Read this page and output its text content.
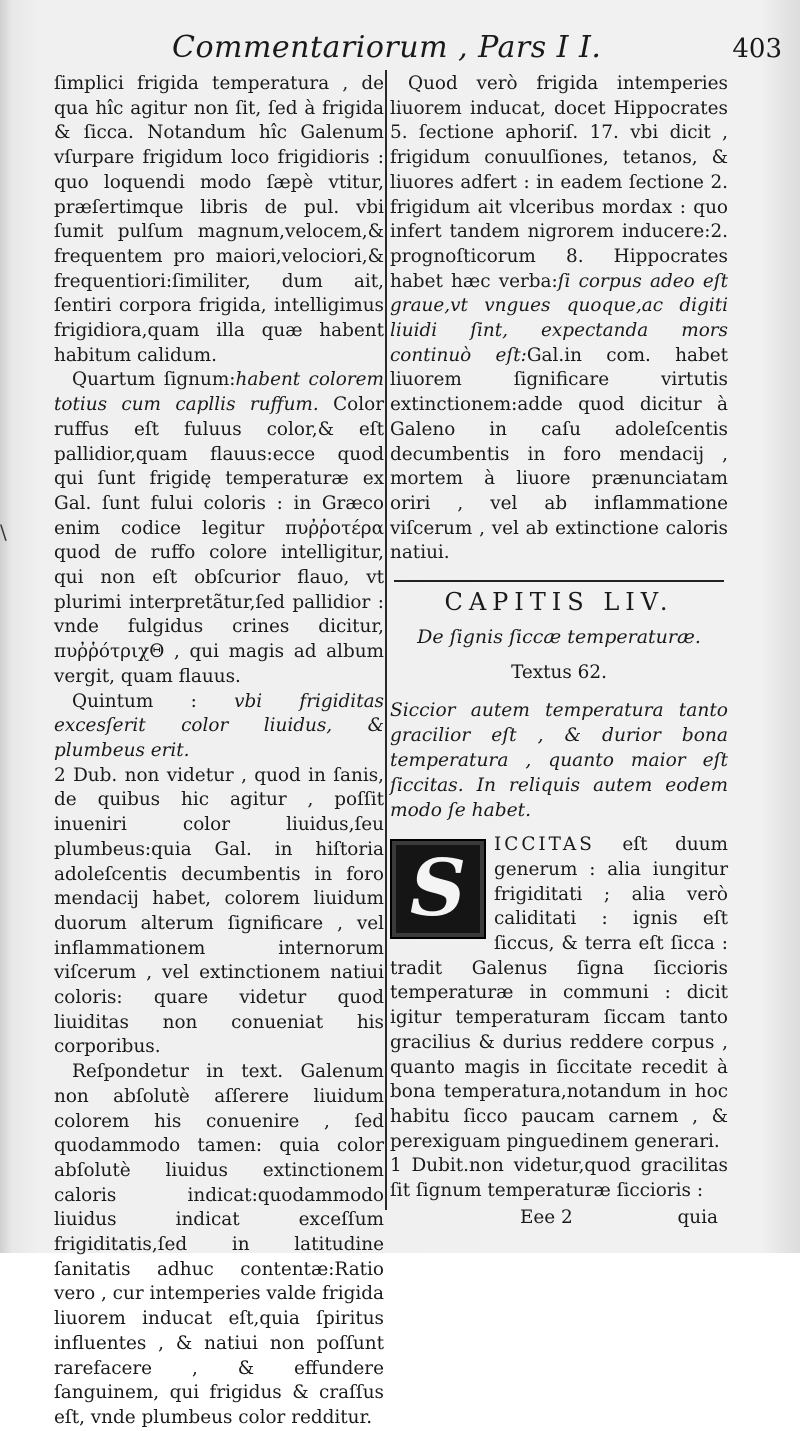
Commentariorum , Pars I I.	403
\

ſimplici frigida temperatura , de qua hîc agitur non ſit, ſed à frigida & ſicca. Notandum hîc Galenum vſurpare frigidum loco frigidioris : quo loquendi modo ſæpè vtitur, præſertimque libris de pul. vbi ſumit pulſum magnum,velocem,& frequentem pro maiori,velociori,& frequentiori:ſimiliter, dum ait, ſentiri corpora frigida, intelligimus frigidiora,quam illa quæ habent habitum calidum.

Quartum ſignum:habent colorem totius cum capllis ruffum. Color ruffus eſt fuluus color,& eſt pallidior,quam flauus:ecce quod qui ſunt frigidę temperaturæ ex Gal. ſunt fului coloris : in Græco enim codice legitur πυῤῥοτέρα quod de ruffo colore intelligitur, qui non eſt obſcurior flauo, vt plurimi interpretãtur,ſed pallidior : vnde fulgidus crines dicitur, πυῤῥότριχΘ , qui magis ad album vergit, quam flauus.

Quintum : vbi frigiditas excesſerit color liuidus, & plumbeus erit.

2 Dub. non videtur , quod in ſanis, de quibus hic agitur , poſſit inueniri color liuidus,ſeu plumbeus:quia Gal. in hiſtoria adoleſcentis decumbentis in foro mendacij habet, colorem liuidum duorum alterum ſignificare , vel inflammationem internorum viſcerum , vel extinctionem natiui coloris: quare videtur quod liuiditas non conueniat his corporibus.

Reſpondetur in text. Galenum non abſolutè aſſerere liuidum colorem his conuenire , ſed quodammodo tamen: quia color abſolutè liuidus extinctionem caloris indicat:quodammodo liuidus indicat exceſſum frigiditatis,ſed in latitudine ſanitatis adhuc contentæ:Ratio vero , cur intemperies valde frigida liuorem inducat eſt,quia ſpiritus influentes , & natiui non poſſunt rarefacere , & effundere ſanguinem, qui frigidus & craſſus eſt, vnde plumbeus color redditur.

Quod verò frigida intemperies liuorem inducat, docet Hippocrates 5. ſectione aphoriſ. 17. vbi dicit , frigidum conuulſiones, tetanos, & liuores adfert : in eadem ſectione 2. frigidum ait vlceribus mordax : quo infert tandem nigrorem inducere:2. prognoſticorum 8. Hippocrates habet hæc verba:ſi corpus adeo eſt graue,vt vngues quoque,ac digiti liuidi ſint, expectanda mors continuò eſt:Gal.in com. habet liuorem ſignificare virtutis extinctionem:adde quod dicitur à Galeno in caſu adoleſcentis decumbentis in foro mendacij , mortem à liuore prænunciatam oriri , vel ab inflammatione viſcerum , vel ab extinctione caloris natiui.

CAPITIS LIV.
De ſignis ſiccæ temperaturæ.
Textus 62.

Siccior autem temperatura tanto gracilior eſt , & durior bona temperatura , quanto maior eſt ſiccitas. In reliquis autem eodem modo ſe habet.

S	ICCITAS eſt duum generum : alia iungitur frigiditati ; alia verò caliditati : ignis eſt ſiccus, & terra eſt ſicca : tradit Galenus ſigna ſiccioris temperaturæ in communi : dicit igitur temperaturam ſiccam tanto gracilius & durius reddere corpus , quanto magis in ſiccitate recedit à bona temperatura,notandum in hoc habitu ſicco paucam carnem , & perexiguam pinguedinem generari.

1 Dubit.non videtur,quod gracilitas ſit ſignum temperaturæ ſiccioris :

Eee 2	quia
